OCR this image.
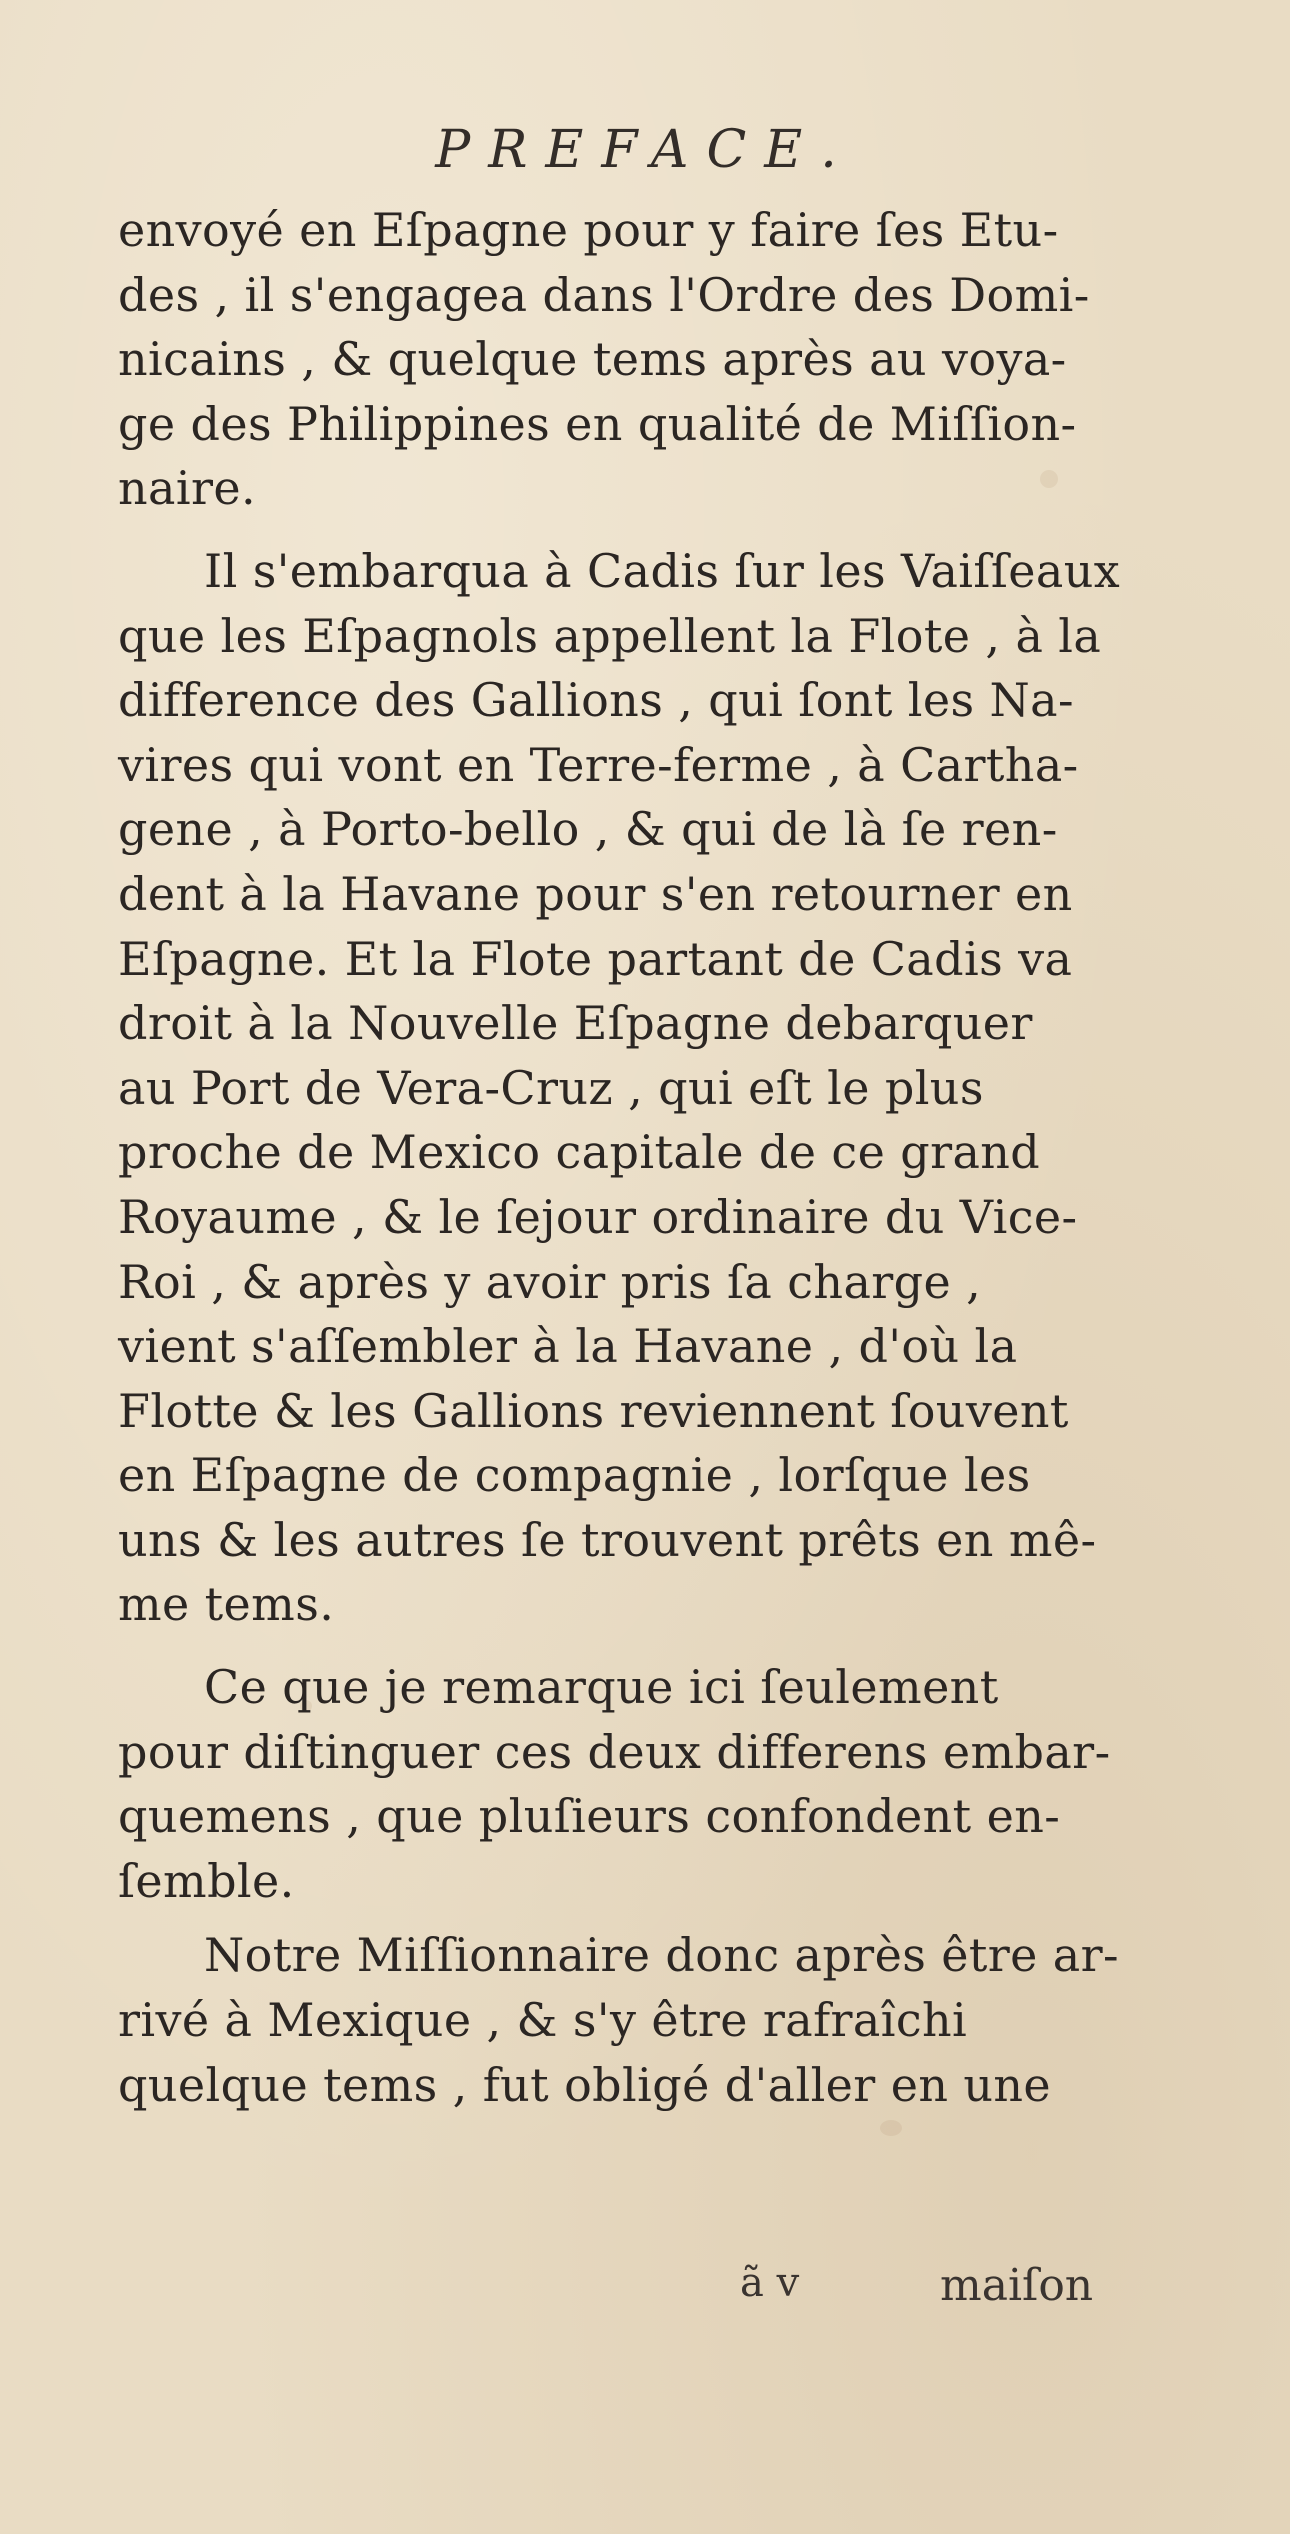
PREFACE.
envoyé en Eſpagne pour y faire ſes Etu-
des , il s'engagea dans l'Ordre des Domi-
nicains , & quelque tems après au voya-
ge des Philippines en qualité de Miſſion-
naire.
Il s'embarqua à Cadis ſur les Vaiſſeaux
que les Eſpagnols appellent la Flote , à la
difference des Gallions , qui ſont les Na-
vires qui vont en Terre-ferme , à Cartha-
gene , à Porto-bello , & qui de là ſe ren-
dent à la Havane pour s'en retourner en
Eſpagne. Et la Flote partant de Cadis va
droit à la Nouvelle Eſpagne debarquer
au Port de Vera-Cruz , qui eſt le plus
proche de Mexico capitale de ce grand
Royaume , & le ſejour ordinaire du Vice-
Roi , & après y avoir pris ſa charge ,
vient s'aſſembler à la Havane , d'où la
Flotte & les Gallions reviennent ſouvent
en Eſpagne de compagnie , lorſque les
uns & les autres ſe trouvent prêts en mê-
me tems.
Ce que je remarque ici ſeulement
pour diſtinguer ces deux differens embar-
quemens , que pluſieurs confondent en-
ſemble.
Notre Miſſionnaire donc après être ar-
rivé à Mexique , & s'y être rafraîchi
quelque tems , fut obligé d'aller en une
ã v	maiſon
